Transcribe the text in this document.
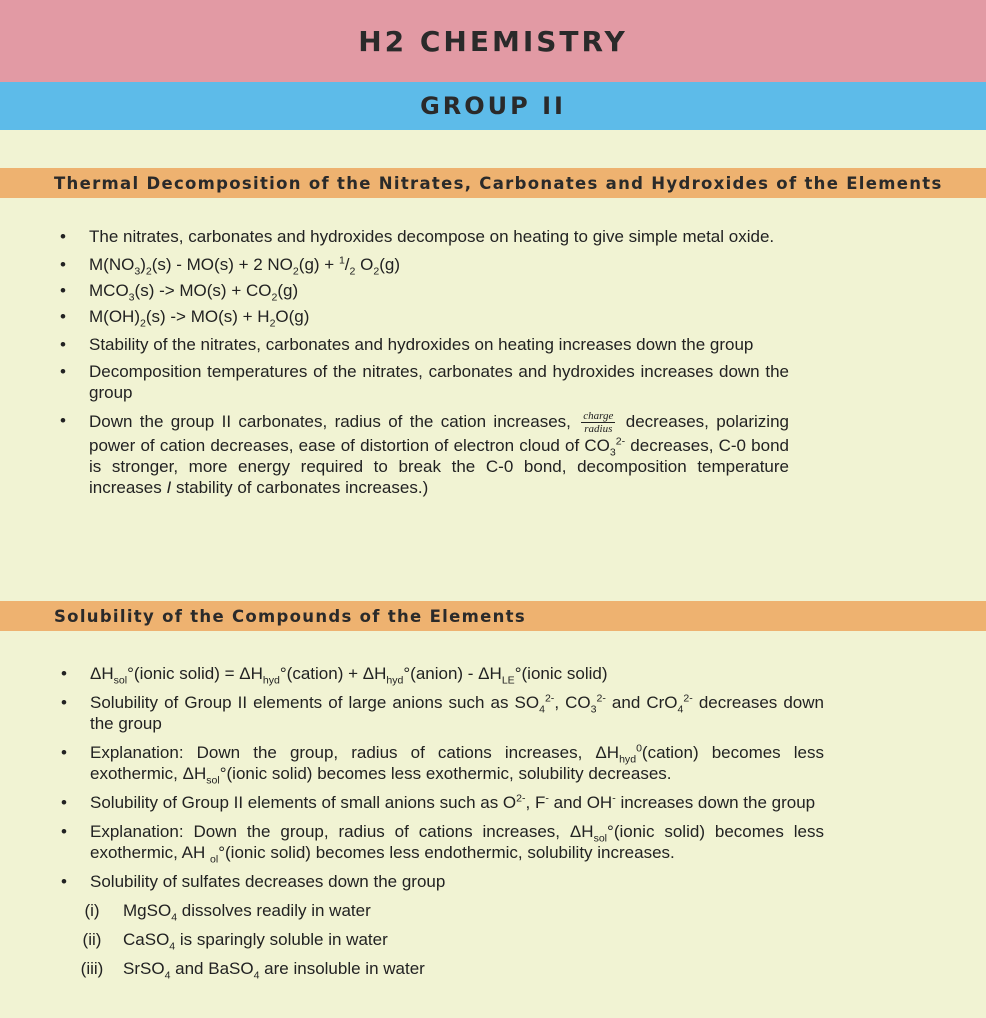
H2 CHEMISTRY
GROUP II
Thermal Decomposition of the Nitrates, Carbonates and Hydroxides of the Elements
• The nitrates, carbonates and hydroxides decompose on heating to give simple metal oxide.
• $M(NO_3)_2(s) - MO(s) + 2$ $NO_2(g) + ^1/_2$ $O_2(g)$
• $MCO_3(s) -> MO(s) + CO_2(g)$
• $M(OH)_2(s) -> MO(s) + H_2O(g)$
• Stability of the nitrates, carbonates and hydroxides on heating increases down the group
• Decomposition temperatures of the nitrates, carbonates and hydroxides increases down the group
• Down the group II carbonates, radius of the cation increases, $\frac{\text{charge}}{\text{radius}}$ decreases, polarizing power of cation decreases, ease of distortion of electron cloud of $CO_3^{2-}$ decreases, C-0 bond is stronger, more energy required to break the C-0 bond, decomposition temperature increases I stability of carbonates increases.)
Solubility of the Compounds of the Elements
• $\Delta H_{sol}^\circ(ionic$ solid) = $\Delta H_{hyd}^\circ(cation)$ + $\Delta H_{hyd}^\circ(anion)$ - $\Delta H_{LE}^\circ(ionic$ solid)
• Solubility of Group II elements of large anions such as $SO_4^{2-}$, $CO_3^{2-}$ and CrO$_4^{2-}$ decreases down the group
• Explanation: Down the group, radius of cations increases, $\Delta H_{hyd}^0(cation)$ becomes less exothermic, $\Delta H_{sol}^\circ(ionic$ solid) becomes less exothermic, solubility decreases.
• Solubility of Group II elements of small anions such as $O^{2-}$, F- and OH- increases down the group
• Explanation: Down the group, radius of cations increases, $\Delta H_{sol}^\circ(ionic$ solid) becomes less exothermic, AH $_{ol}$°(ionic solid) becomes less endothermic, solubility increases.
• Solubility of sulfates decreases down the group
(i) MgSO$_4$ dissolves readily in water
(ii) CaSO$_4$ is sparingly soluble in water
(iii) SrSO$_4$ and BaSO$_4$ are insoluble in water
